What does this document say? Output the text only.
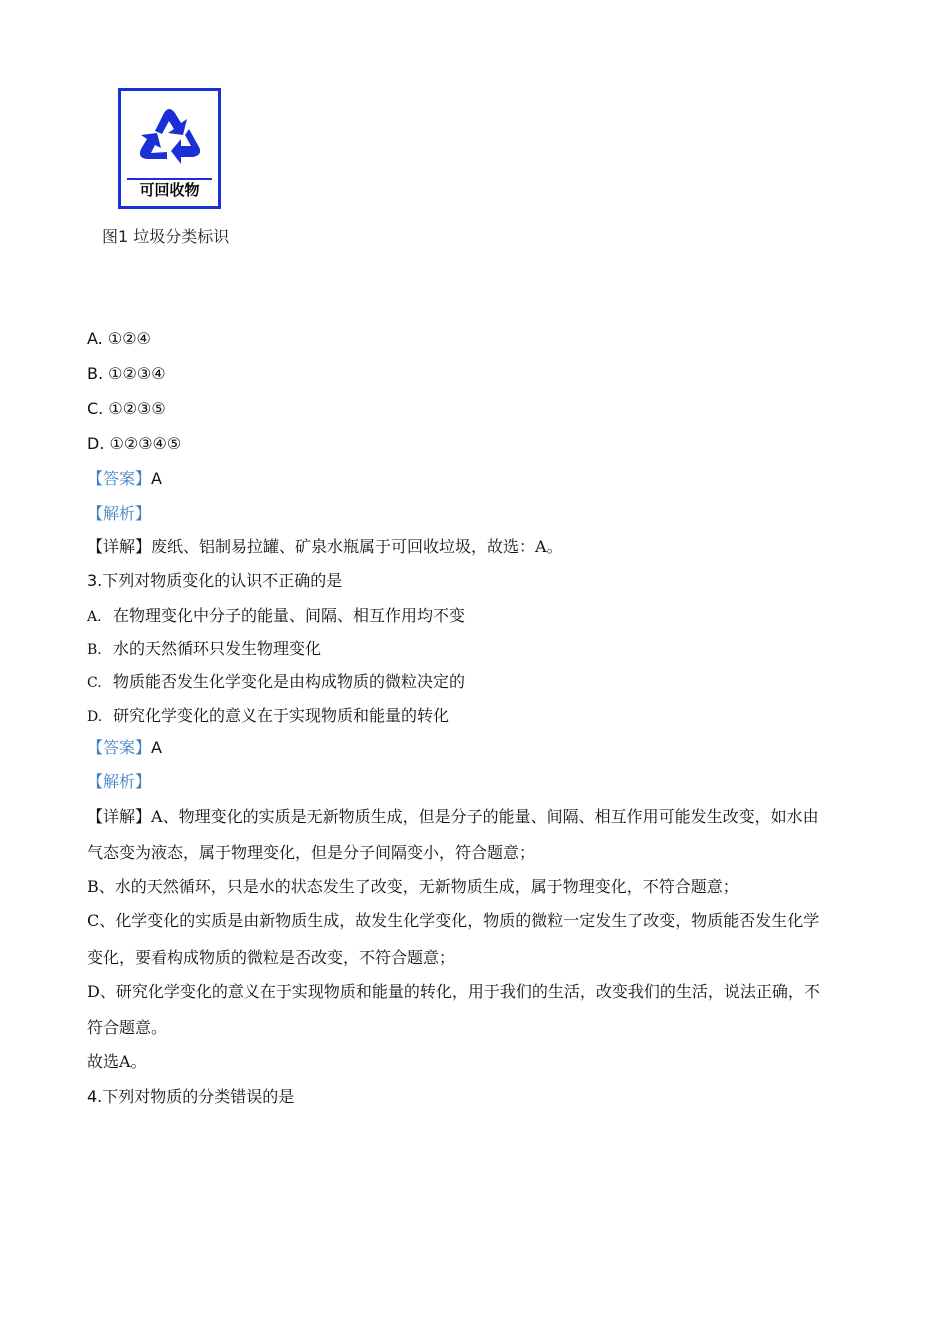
可回收物
图1 垃圾分类标识
A. ①②④
B. ①②③④
C. ①②③⑤
D. ①②③④⑤
【答案】A
【解析】
【详解】废纸、铝制易拉罐、矿泉水瓶属于可回收垃圾，故选：A。
3.下列对物质变化的认识不正确的是
A. 在物理变化中分子的能量、间隔、相互作用均不变
B. 水的天然循环只发生物理变化
C. 物质能否发生化学变化是由构成物质的微粒决定的
D. 研究化学变化的意义在于实现物质和能量的转化
【答案】A
【解析】
【详解】A、物理变化的实质是无新物质生成，但是分子的能量、间隔、相互作用可能发生改变，如水由
气态变为液态，属于物理变化，但是分子间隔变小，符合题意；
B、水的天然循环，只是水的状态发生了改变，无新物质生成，属于物理变化，不符合题意；
C、化学变化的实质是由新物质生成，故发生化学变化，物质的微粒一定发生了改变，物质能否发生化学
变化，要看构成物质的微粒是否改变，不符合题意；
D、研究化学变化的意义在于实现物质和能量的转化，用于我们的生活，改变我们的生活，说法正确，不
符合题意。
故选A。
4.下列对物质的分类错误的是
